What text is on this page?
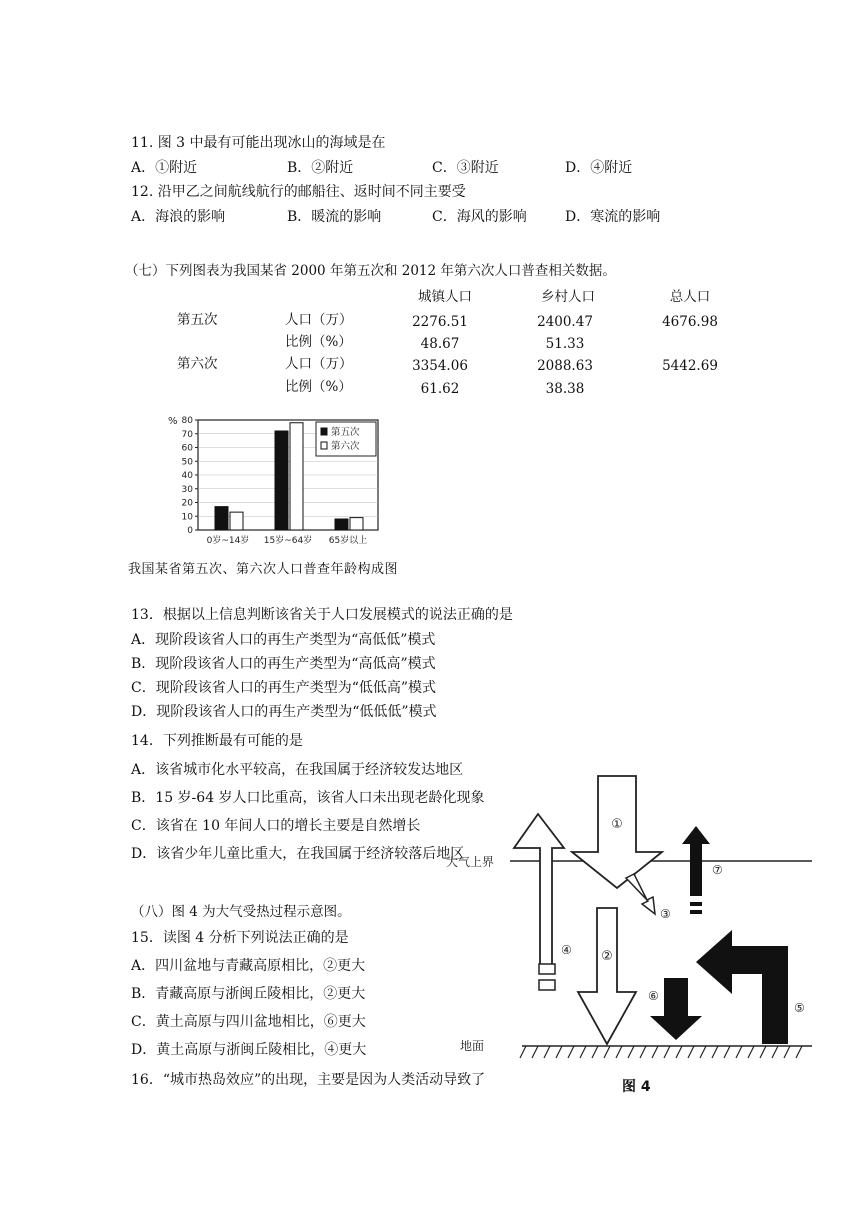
11. 图 3 中最有可能出现冰山的海域是在
A．①附近	B．②附近	C．③附近	D．④附近
12. 沿甲乙之间航线航行的邮船往、返时间不同主要受
A．海浪的影响	B．暖流的影响	C．海风的影响	D．寒流的影响
（七）下列图表为我国某省 2000 年第五次和 2012 年第六次人口普查相关数据。
城镇人口	乡村人口	总人口
第五次	人口（万）	2276.51	2400.47	4676.98
比例（%）	48.67	51.33
第六次	人口（万）	3354.06	2088.63	5442.69
比例（%）	61.62	38.38
%
0
10
20
30
40
50
60
70
80
0岁~14岁 15岁~64岁 65岁以上
第五次
第六次
我国某省第五次、第六次人口普查年龄构成图
13．根据以上信息判断该省关于人口发展模式的说法正确的是
A．现阶段该省人口的再生产类型为“高低低”模式
B．现阶段该省人口的再生产类型为“高低高”模式
C．现阶段该省人口的再生产类型为“低低高”模式
D．现阶段该省人口的再生产类型为“低低低”模式
14．下列推断最有可能的是
A．该省城市化水平较高，在我国属于经济较发达地区
B．15 岁-64 岁人口比重高，该省人口未出现老龄化现象
C．该省在 10 年间人口的增长主要是自然增长
D．该省少年儿童比重大，在我国属于经济较落后地区
（八）图 4 为大气受热过程示意图。
15．读图 4 分析下列说法正确的是
A．四川盆地与青藏高原相比，②更大
B．青藏高原与浙闽丘陵相比，②更大
C．黄土高原与四川盆地相比，⑥更大
D．黄土高原与浙闽丘陵相比，④更大
16．“城市热岛效应”的出现，主要是因为人类活动导致了
大气上界
地面
①
②
③
④
⑦
⑥
⑤
图 4
